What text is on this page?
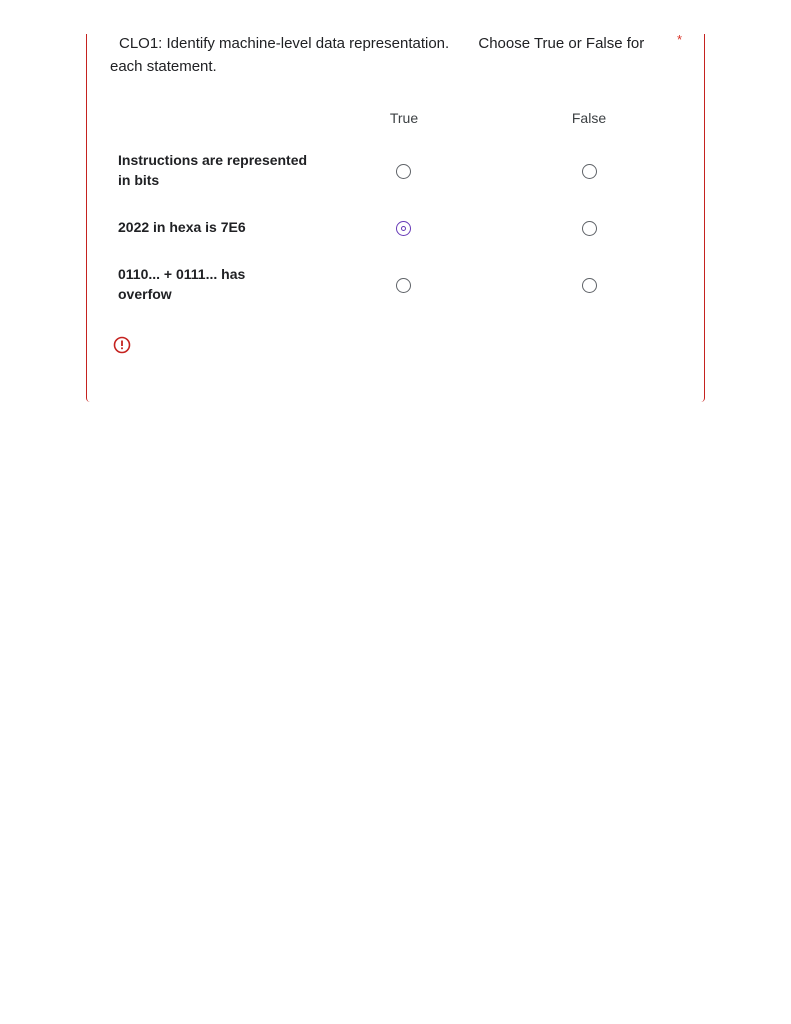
CLO1: Identify machine-level data representation.       Choose True or False for
each statement.
*
True	False
Instructions are represented
in bits
2022 in hexa is 7E6
0110... + 0111... has
overfow
